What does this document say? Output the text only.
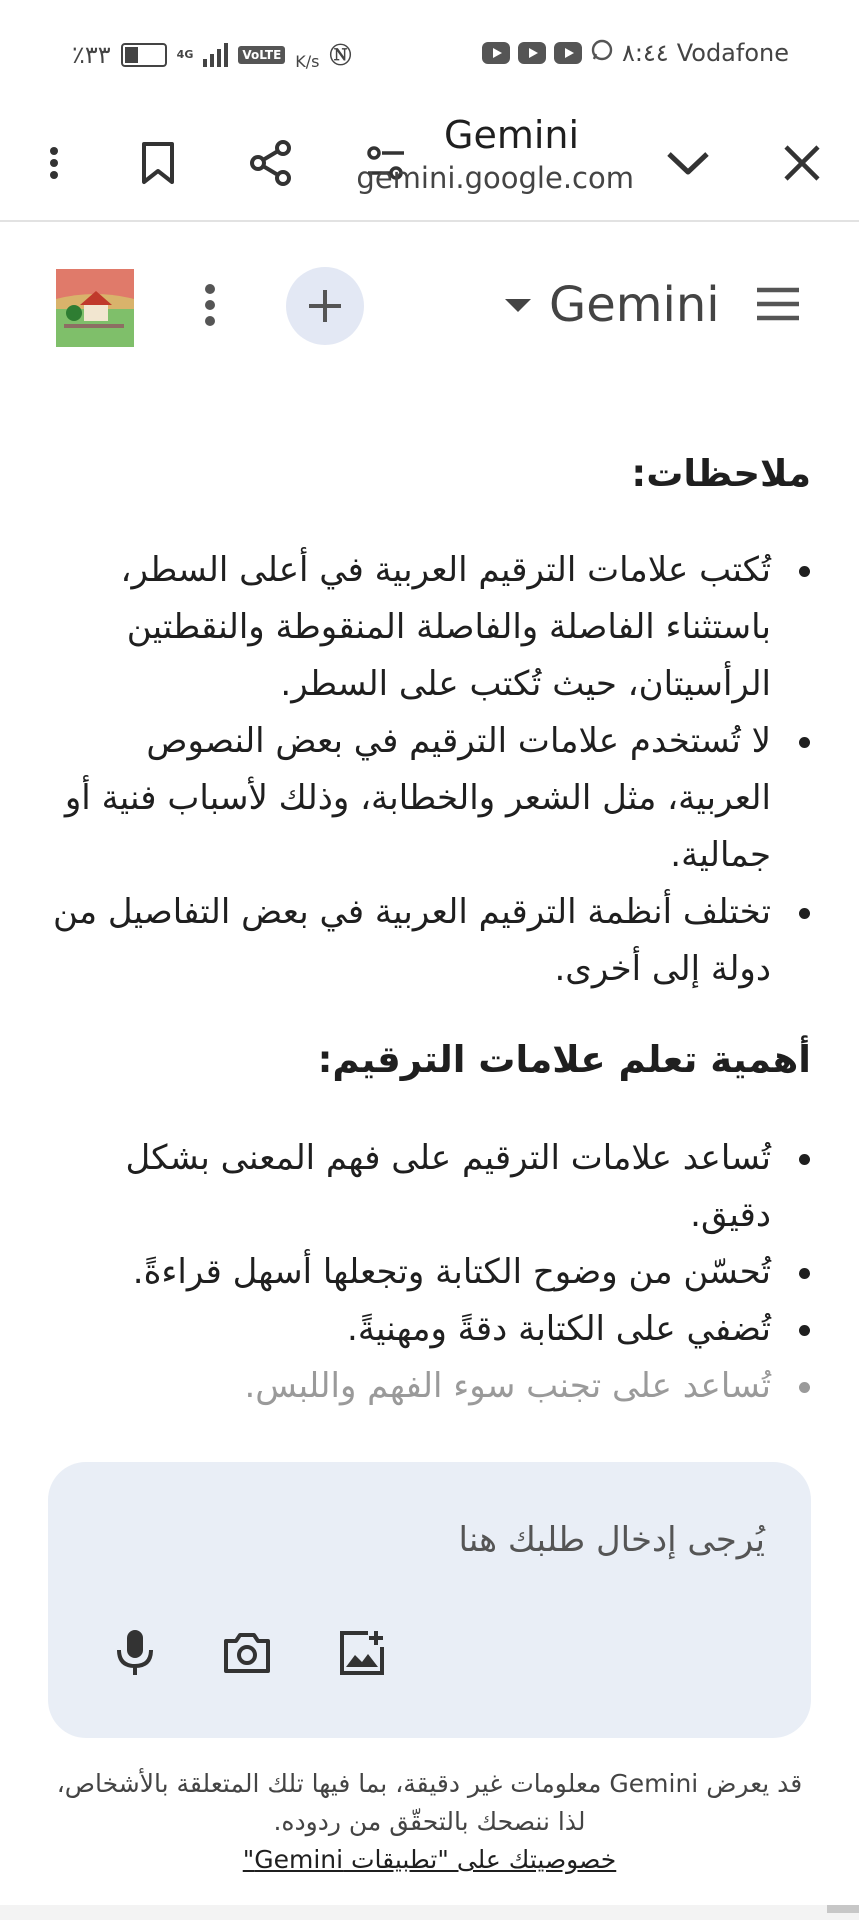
٪٣٣	4G	VoLTE K/s Ⓝ	٨:٤٤ Vodafone
Gemini
gemini.google.com
Gemini
ملاحظات:
تُكتب علامات الترقيم العربية في أعلى السطر، باستثناء الفاصلة والفاصلة المنقوطة والنقطتين الرأسيتان، حيث تُكتب على السطر.
لا تُستخدم علامات الترقيم في بعض النصوص العربية، مثل الشعر والخطابة، وذلك لأسباب فنية أو جمالية.
تختلف أنظمة الترقيم العربية في بعض التفاصيل من دولة إلى أخرى.
أهمية تعلم علامات الترقيم:
تُساعد علامات الترقيم على فهم المعنى بشكل دقيق.
تُحسّن من وضوح الكتابة وتجعلها أسهل قراءةً.
تُضفي على الكتابة دقةً ومهنيةً.
تُساعد على تجنب سوء الفهم واللبس.
يُرجى إدخال طلبك هنا
قد يعرض Gemini معلومات غير دقيقة، بما فيها تلك المتعلقة بالأشخاص، لذا ننصحك بالتحقّق من ردوده.
خصوصيتك على "تطبيقات Gemini"
